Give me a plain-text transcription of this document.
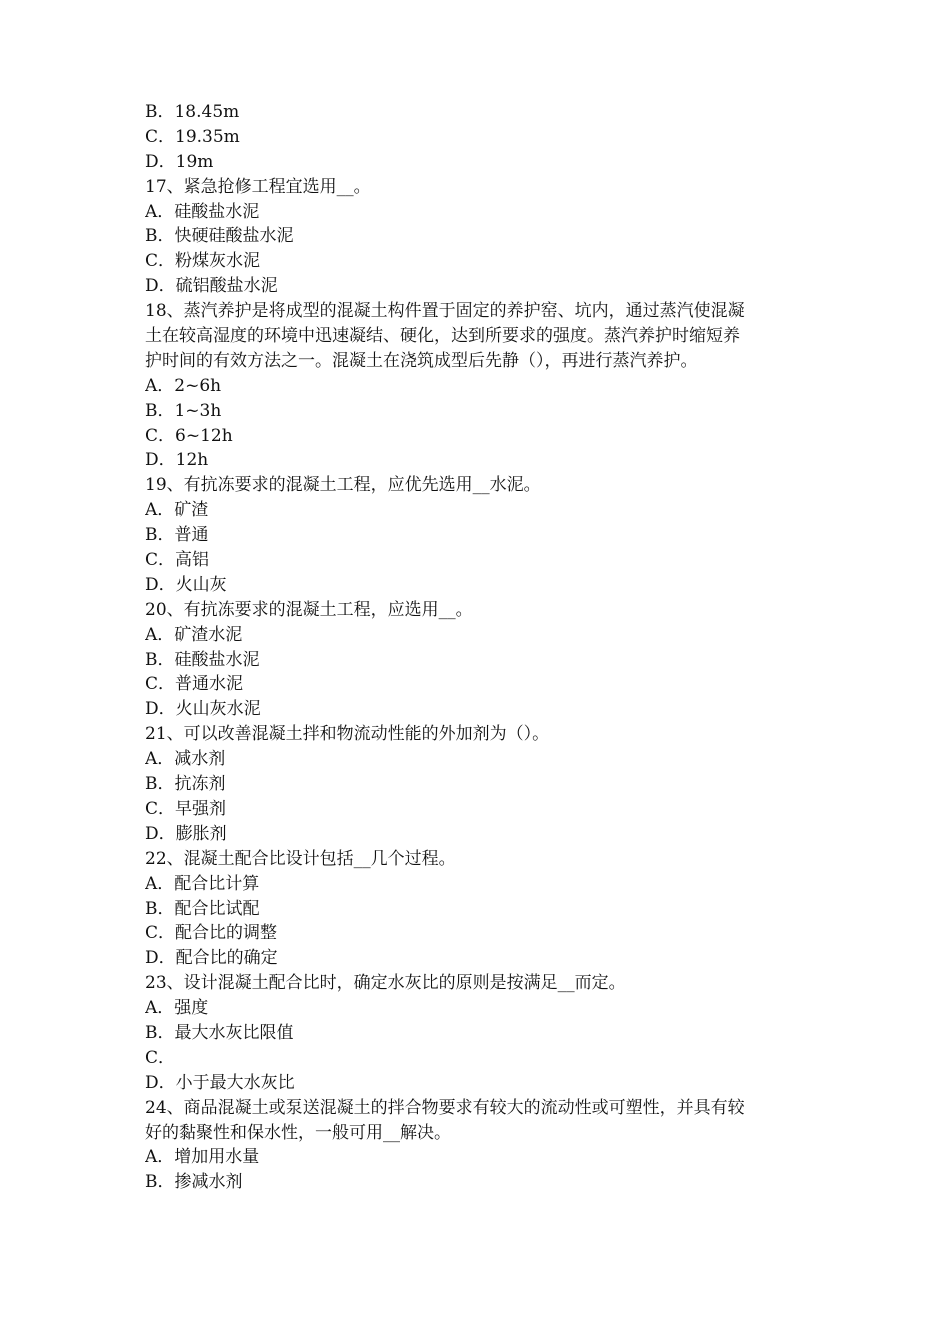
B．18.45m
C．19.35m
D．19m
17、紧急抢修工程宜选用__。
A．硅酸盐水泥
B．快硬硅酸盐水泥
C．粉煤灰水泥
D．硫铝酸盐水泥
18、蒸汽养护是将成型的混凝土构件置于固定的养护窑、坑内，通过蒸汽使混凝
土在较高湿度的环境中迅速凝结、硬化，达到所要求的强度。蒸汽养护时缩短养
护时间的有效方法之一。混凝土在浇筑成型后先静（），再进行蒸汽养护。
A．2~6h
B．1~3h
C．6~12h
D．12h
19、有抗冻要求的混凝土工程，应优先选用__水泥。
A．矿渣
B．普通
C．高铝
D．火山灰
20、有抗冻要求的混凝土工程，应选用__。
A．矿渣水泥
B．硅酸盐水泥
C．普通水泥
D．火山灰水泥
21、可以改善混凝土拌和物流动性能的外加剂为（）。
A．减水剂
B．抗冻剂
C．早强剂
D．膨胀剂
22、混凝土配合比设计包括__几个过程。
A．配合比计算
B．配合比试配
C．配合比的调整
D．配合比的确定
23、设计混凝土配合比时，确定水灰比的原则是按满足__而定。
A．强度
B．最大水灰比限值
C．
D．小于最大水灰比
24、商品混凝土或泵送混凝土的拌合物要求有较大的流动性或可塑性，并具有较
好的黏聚性和保水性，一般可用__解决。
A．增加用水量
B．掺减水剂
